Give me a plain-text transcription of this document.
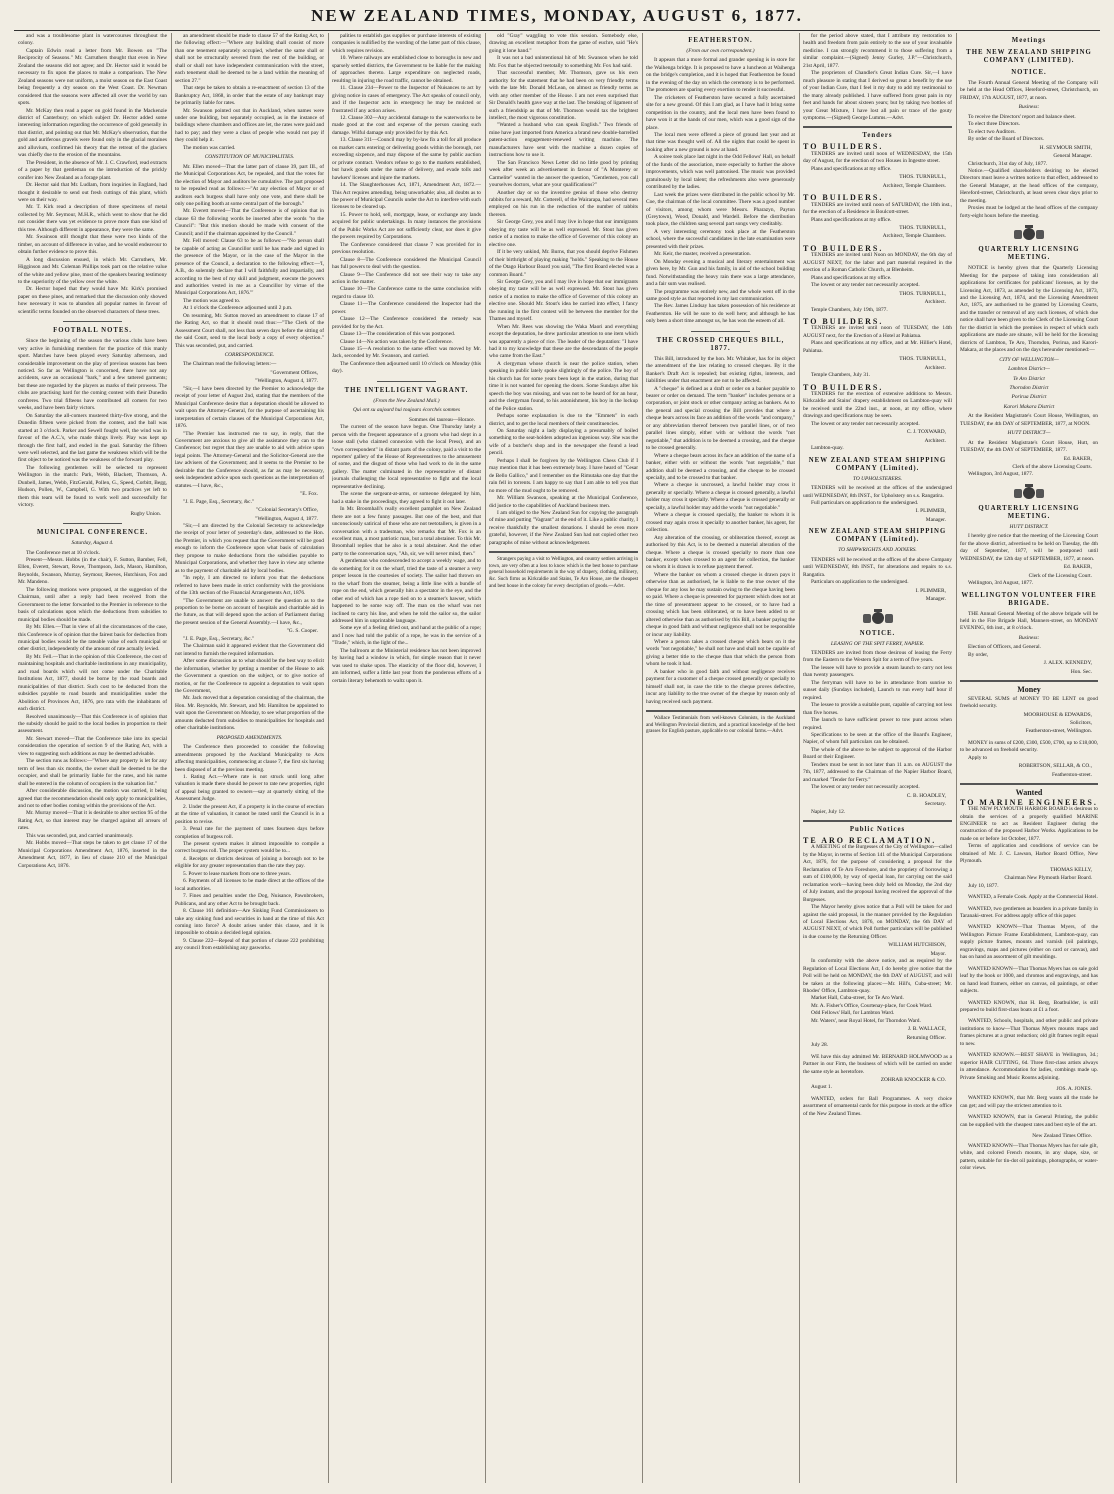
NEW ZEALAND TIMES, MONDAY, AUGUST 6, 1877.

and was a troublesome plant in watercourses throughout the colony.

Captain Edwin read a letter from Mr. Bowen on "The Reciprocity of Seasons." Mr. Carruthers thought that even in New Zealand the seasons did not agree; and Dr. Hector said it would be necessary to fix upon the places to make a comparison. The New Zealand seasons were not uniform, a moist season on the East Coast being frequently a dry season on the West Coast. Dr. Newman considered that the seasons were affected all over the world by sun spots.

Mr. McKay then read a paper on gold found in the Mackenzie district of Canterbury; on which subject Dr. Hector added some interesting information regarding the occurrence of gold generally in that district, and pointing out that Mr. McKay's observation, that the gold and auriferous gravels were found only in the glacial moraines and alluvium, confirmed his theory that the retreat of the glaciers was chiefly due to the erosion of the mountains.

The President, in the absence of Mr. J. C. Crawford, read extracts of a paper by that gentleman on the introduction of the prickly conifer into New Zealand as a forage plant.

Dr. Hector said that Mr. Ludlam, from inquiries in England, had thought it desirable to send out fresh cuttings of this plant, which were on their way.

Mr. T. Kirk read a description of three specimens of metal collected by Mr. Seymour, M.H.R., which went to show that he did not consider there was yet evidence to prove more than one kind of this tree. Although different in appearance, they were the same.

Mr. Swainson still thought that these were two kinds of the timber, on account of difference in value, and he would endeavour to obtain further evidence to prove this.

A long discussion ensued, in which Mr. Carruthers, Mr. Higginson and Mr. Coleman Phillips took part on the relative value of the white and yellow pine, most of the speakers bearing testimony to the superiority of the yellow over the white.

Dr. Hector hoped that they would have Mr. Kirk's promised paper on these pines, and remarked that the discussion only showed how necessary it was to abandon all popular names in favour of scientific terms founded on the observed characters of these trees.

FOOTBALL NOTES.

Since the beginning of the season the various clubs have been very active in furnishing members for the practice of this manly sport. Matches have been played every Saturday afternoon, and considerable improvement on the play of previous seasons has been noticed. So far as Wellington is concerned, there have not any accidents, save an occasional "bark," and a few tattered garments; but these are regarded by the players as marks of their prowess. The clubs are practising hard for the coming contest with their Dunedin confreres. Two trial fifteens have contributed all comers for two weeks, and have been fairly victors.

On Saturday the all-comers mustered thirty-five strong, and the Dunedin fifteen were picked from the contest, and the ball was started at 3 o'clock. Parker and Sewell fought well, the wind was in favour of the A.C.'s, who made things lively. Play was kept up through the first half, and ended in the goal. Saturday the fifteen were well selected, and the last game the weakness which will be the first object to be noticed was the weakness of the forward play.

The following gentlemen will be selected to represent Wellington in the match: Park, Webb, Blackett, Thomson, A. Dunbell, James, Webb, FitzGerald, Pollen, G., Speed, Corbitt, Begg, Hudson, Pollen, W., Campbell, G. With two practices yet left to them this team will be found to work well and successfully for victory.

Rugby Union.
MUNICIPAL CONFERENCE.
Saturday, August 4.

The Conference met at 10 o'clock.

Present—Messrs. Hobbs (in the chair), F. Sutton, Bamber, Fell, Ellen, Everett, Stewart, Rowe, Thompson, Jack, Mason, Hamilton, Reynolds, Swanson, Murray, Seymour, Reeves, Hutchison, Fox and Mr. Mandeno.

The following motions were proposed, at the suggestion of the Chairman, until after a reply had been received from the Government to the letter forwarded to the Premier in reference to the basis of calculations upon which the deductions from subsidies to municipal bodies should be made.

By Mr. Ellen.—That in view of all the circumstances of the case, this Conference is of opinion that the fairest basis for deduction from municipal bodies would be the rateable value of each municipal or other district, independently of the amount of rate actually levied.

By Mr. Fell.—That in the opinion of this Conference, the cost of maintaining hospitals and charitable institutions in any municipality, and road boards which will not come under the Charitable Institutions Act, 1877, should be borne by the road boards and municipalities of that district. Such cost to be deducted from the subsidies payable to road boards and municipalities under the Abolition of Provinces Act, 1876, pro rata with the inhabitants of each district.

Resolved unanimously—That this Conference is of opinion that the subsidy should be paid to the local bodies in proportion to their assessment.

Mr. Stewart moved—That the Conference take into its special consideration the operation of section 9 of the Rating Act, with a view to suggesting such additions as may be deemed advisable.

The section runs as follows:—"Where any property is let for any term of less than six months, the owner shall be deemed to be the occupier, and shall be primarily liable for the rates, and his name shall be entered in the column of occupiers in the valuation list."

After considerable discussion, the motion was carried, it being agreed that the recommendation should only apply to municipalities, and not to other bodies coming within the provisions of the Act.

Mr. Murray moved—That it is desirable to alter section 95 of the Rating Act, so that interest may be charged against all arrears of rates.

This was seconded, put, and carried unanimously.

Mr. Hobbs moved—That steps be taken to get clause 17 of the Municipal Corporations Amendment Act, 1876, inserted in the Amendment Act, 1877, in lieu of clause 210 of the Municipal Corporations Act, 1876.

an amendment should be made to clause 57 of the Rating Act, to the following effect:—"Where any building shall consist of more than one tenement separately occupied, whether the same shall or shall not be structurally severed from the rest of the building, or shall or shall not have independent communication with the street, each tenement shall be deemed to be a land within the meaning of section 27."

That steps be taken to obtain a re-enactment of section 13 of the Bankruptcy Act, 1868, in order that the estate of any bankrupt may be primarily liable for rates.

Mr. Swanson pointed out that in Auckland, when names were under one building, but separately occupied, as in the instance of buildings where chambers and offices are let, the rates were paid and had to pay; and they were a class of people who would not pay if they could help it.

The motion was carried.

CONSTITUTION OF MUNICIPALITIES.

Mr. Ellen moved—That the latter part of clause 39, part III., of the Municipal Corporations Act, be repealed, and that the votes for the election of Mayor and auditors be cumulative. The part proposed to be repealed read as follows:—"At any election of Mayor or of auditors each burgess shall have only one vote, and there shall be only one polling booth at some central part of the borough."

Mr. Everett moved—That the Conference is of opinion that in clause 63 the following words be inserted after the words "to the Council": "But this motion should be made with consent of the Council; and if the chairman appointed by the Council."

Mr. Fell moved: Clause 63 to be as follows:—"No person shall be capable of acting as Councillor until he has made and signed in the presence of the Mayor, or in the case of the Mayor in the presence of the Council, a declaration to the following effect:—'I, A.B., do solemnly declare that I will faithfully and impartially, and according to the best of my skill and judgment, execute the powers and authorities vested in me as a Councillor by virtue of the Municipal Corporations Act, 1876.'"

The motion was agreed to.

At 1 o'clock the Conference adjourned until 2 p.m.

On resuming, Mr. Sutton moved an amendment to clause 17 of the Rating Act, so that it should read thus:—"The Clerk of the Assessment Court shall, not less than seven days before the sitting of the said Court, send to the local body a copy of every objection." This was seconded, put, and carried.

CORRESPONDENCE.

The Chairman read the following letters:—

"Government Offices,
"Wellington, August 4, 1877.

"Sir,—I have been directed by the Premier to acknowledge the receipt of your letter of August 2nd, stating that the members of the Municipal Conference desire that a deputation should be allowed to wait upon the Attorney-General, for the purpose of ascertaining his interpretation of certain clauses of the Municipal Corporations Act, 1876.

"The Premier has instructed me to say, in reply, that the Government are anxious to give all the assistance they can to the Conference; but regret that they are unable to aid with advice upon legal points. The Attorney-General and the Solicitor-General are the law advisers of the Government; and it seems to the Premier to be desirable that the Conference should, as far as may be necessary, seek independent advice upon such questions as the interpretation of statutes.—I have, &c.,

"E. Fox.

"J. E. Page, Esq., Secretary, &c."

"Colonial Secretary's Office,
"Wellington, August 4, 1877.

"Sir,—I am directed by the Colonial Secretary to acknowledge the receipt of your letter of yesterday's date, addressed to the Hon. the Premier, in which you request that the Government will be good enough to inform the Conference upon what basis of calculation they propose to make deductions from the subsidies payable to Municipal Corporations, and whether they have in view any scheme as to the payment of charitable aid by local bodies.

"In reply, I am directed to inform you that the deductions referred to have been made in strict conformity with the provisions of the 13th section of the Financial Arrangements Act, 1876.

"The Government are unable to answer the question as to the proportion to be borne on account of hospitals and charitable aid in the future, as that will depend upon the action of Parliament during the present session of the General Assembly.—I have, &c.,

"G. S. Cooper.

"J. E. Page, Esq., Secretary, &c."

The Chairman said it appeared evident that the Government did not intend to furnish the required information.

After some discussion as to what should be the best way to elicit the information, whether by getting a member of the House to ask the Government a question on the subject, or to give notice of motion, or for the Conference to appoint a deputation to wait upon the Government,

Mr. Jack moved that a deputation consisting of the chairman, the Hon. Mr. Reynolds, Mr. Stewart, and Mr. Hamilton be appointed to wait upon the Government on Monday, to see what proportion of the amounts deducted from subsidies to municipalities for hospitals and other charitable institutions.

PROPOSED AMENDMENTS.

The Conference then proceeded to consider the following amendments proposed by the Auckland Municipality to Acts affecting municipalities, commencing at clause 7, the first six having been disposed of at the previous meeting.

1. Rating Act.—Where rate is not struck until long after valuation is made there should be power to rate new properties, right of appeal being granted to owners—say at quarterly sitting of the Assessment Judge.

2. Under the present Act, if a property is in the course of erection at the time of valuation, it cannot be rated until the Council is in a position to revise.

3. Penal rate for the payment of rates fourteen days before completion of burgess roll.

The present system makes it almost impossible to compile a correct burgess roll. The proper system would be to...

4. Receipts or districts desirous of joining a borough not to be eligible for any greater representation than the rate they pay.

5. Power to lease markets from one to three years.

6. Payments of all licenses to be made direct at the offices of the local authorities.

7. Fines and penalties under the Dog, Nuisance, Pawnbrokers, Publicans, and any other Act to be brought back.

8. Clause 161 definition—Are Sinking Fund Commissioners to take any sinking fund and securities in hand at the time of this Act coming into force? A doubt arises under this clause, and it is impossible to obtain a decided legal opinion.

9. Clause 222—Repeal of that portion of clause 222 prohibiting any council from establishing any gasworks.

palities to establish gas supplies or purchase interests of existing companies is nullified by the wording of the latter part of this clause, which requires revision.

10. Where railways are established close to boroughs in new and sparsely settled districts, the Government to be liable for the making of approaches thereto. Large expenditure on neglected roads, resulting in injuring the road traffic, cannot be obtained.

11. Clause 234—Power to the Inspector of Nuisances to act by giving notice in cases of emergency. The Act speaks of council only, and if the Inspector acts in emergency he may be mulcted or frustrated if any action arises.

12. Clause 302—Any accidental damage to the waterworks to be made good at the cost and expense of the person causing such damage. Wilful damage only provided for by this Act.

13. Clause 311—Council may by by-law fix a toll for all produce on market carts entering or delivering goods within the borough, not exceeding sixpence, and may dispose of the same by public auction or private contract. Vendors refuse to go to the markets established, but hawk goods under the name of delivery, and evade tolls and hawkers' licenses and injure the markets.

14. The Slaughterhouses Act, 1871, Amendment Act, 1872.—This Act requires amending, being unworkable; also, all doubts as to the power of Municipal Councils under the Act to interfere with such licenses to be cleared up.

15. Power to hold, sell, mortgage, lease, or exchange any lands acquired for public undertakings. In many instances the provisions of the Public Works Act are not sufficiently clear, nor does it give the powers required by Corporations.

The Conference considered that clause 7 was provided for in previous resolution.

Clause 8—The Conference considered the Municipal Council has full powers to deal with the question.

Clause 9—The Conference did not see their way to take any action in the matter.

Clause 10—The Conference came to the same conclusion with regard to clause 10.

Clause 11—The Conference considered the Inspector had the power.

Clause 12—The Conference considered the remedy was provided for by the Act.

Clause 13—The consideration of this was postponed.

Clause 14—No action was taken by the Conference.

Clause 15—A resolution to the same effect was moved by Mr. Jack, seconded by Mr. Swanson, and carried.

The Conference then adjourned until 10 o'clock on Monday (this day).

THE INTELLIGENT VAGRANT.
(From the New Zealand Mail.)
Qui ont su aujourd hui toujours écorchés sommes
Sommes dei taureau—Horace.

The current of the season have begun. One Thursday lately a person with the frequent appearance of a groom who had slept in a loose stall (who claimed connexion with the local Press), and an "own correspondent" in distant parts of the colony, paid a visit to the reporters' gallery of the House of Representatives to the amusement of some, and the disgust of those who had work to do in the same gallery. The matter culminated in the representative of distant journals challenging the local representative to fight and the local representative declining.

The scene the sergeant-at-arms, or someone delegated by him, had a stake in the proceedings, they agreed to fight it out later.

In Mr. Broomhall's really excellent pamphlet on New Zealand there are not a few funny passages. But one of the best, and that unconsciously satirical of those who are not teetotallers, is given in a conversation with a tradesman, who remarks that Mr. Fox is an excellent man, a most patriotic man, but a total abstainer. To this Mr. Broomhall replies that he also is a total abstainer. And the other party to the conversation says, "Ah, sir, we will never mind, then."

A gentleman who condescended to accept a weekly wage, and to do something for it on the wharf, tried the taste of a steamer a very proper lesson in the courtesies of society. The sailor had thrown on to the wharf from the steamer, being a little line with a bundle of rope on the end, which generally hits a spectator in the eye, and the other end of which has a rope tied on to a steamer's hawser, which happened to be some way off. The man on the wharf was not inclined to carry his line, and when he told the sailor so, the sailor addressed him in unprintable language.

Some eye of a feeling dried out, and hand at the public of a rope; and I now had told the public of a rope, he was in the service of a "Trade," which, in the light of the...

The ballroom at the Ministerial residence has not been improved by having had a window in which, for simple reason that it never was used to shake upon. The elasticity of the floor did, however, I am informed, suffer a little last year from the ponderous efforts of a certain literary behemoth to waltz upon it.

old "Gray" waggling to vote this session. Somebody else, drawing an excellent metaphor from the game of euchre, said "He's going it lone hand."

It was not a bad unintentional hit of Mr. Swanson when he told Mr. Fox that he objected teetotally to something Mr. Fox had said.

That successful member, Mr. Thomson, gave us his own authority for the statement that he had been on very friendly terms with the late Mr. Donald McLean, on almost as friendly terms as with any other member of the House. I am not even surprised that Sir Donald's health gave way at the last. The breaking of ligament of such a friendship as that of Mr. Thomson would tax the brightest intellect, the most vigorous constitution.

"Wanted a husband who can speak English." Two friends of mine have just imported from America a brand new double-barrelled patent-action engagement-renewed writing machine. The manufacturers have sent with the machine a dozen copies of instructions how to use it.

The San Francisco News Letter did no little good by printing week after week an advertisement in favour of "A Monterey or Carmelite" wanted in the answer the question, "Gentlemen, you call yourselves doctors, what are your qualifications?"

Another day or so the inventive genius of those who destroy rabbits for a reward, Mr. Cotterell, of the Wairarapa, had several men employed on his run in the reduction of the number of rabbits thereon.

Sir George Grey, you and I may live in hope that our immigrants obeying my taste will be as well expressed. Mr. Stout has given notice of a motion to make the office of Governor of this colony an elective one.

If it be very unkind, Mr. Burns, that you should deprive Fishmen of their birthright of playing making "holds." Speaking to the House of the Otago Harbour Board you said, "The first Board elected was a common Board."

Sir George Grey, you and I may live in hope that our immigrants obeying my taste will be as well expressed. Mr. Stout has given notice of a motion to make the office of Governor of this colony an elective one. Should Mr. Stout's idea be carried into effect, I fancy the running in the first contest will be between the member for the Thames and myself.

When Mr. Rees was showing the Waka Maori and everything except the deputation, he drew particular attention to one item which was apparently a piece of rice. The leader of the deputation: "I have had it to my knowledge that these are the descendants of the people who came from the East."

A clergyman whose church is near the police station, when speaking in public lately spoke slightingly of the police. The boy of his church has for some years been kept in the station, during that time it is not wanted for opening the doors. Some Sundays after his speech the boy was missing, and was not to be heard of for an hour, and the clergyman found, to his astonishment, his boy in the lockup of the Police station.

Perhaps some explanation is due to the "Emmets" in each district, and to get the local members of their constituencies.

On Saturday night a lady displaying a presumably of boiled something to the seat-holders adopted an ingenious way. She was the wife of a butcher's shop and in the newspaper she found a lead pencil.

Perhaps I shall be forgiven by the Wellington Chess Club if I may mention that it has been extremely busy. I have heard of "Cesar de Bello Gallico," and I remember on the Rimutaka one day that the rain fell in torrents. I am happy to say that I am able to tell you that no more of the mud ought to be removed.

Mr. William Swanson, speaking at the Municipal Conference, did justice to the capabilities of Auckland business men.

I am obliged to the New Zealand Sun for copying the paragraph of mine and putting "Vagrant" at the end of it. Like a public charity, I receive thankfully the smallest donations. I should be even more grateful, however, if the New Zealand Sun had not copied other two paragraphs of mine without acknowledgement.

Strangers paying a visit to Wellington, and country settlers arriving in town, are very often at a loss to know which is the best house to purchase general household requirements in the way of drapery, clothing, millinery, &c. Such firms as Kirkcaldie and Stains, Te Aro House, are the cheapest and best house in the colony for every description of goods.—Advt.

FEATHERSTON.
(From our own correspondent.)

It appears that a more formal and grander opening is in store for the Waihenga bridge. It is proposed to have a luncheon at Waihenga on the bridge's completion, and it is hoped that Featherston be found in the evening of the day on which the ceremony is to be performed. The promoters are sparing every exertion to render it successful.

The cricketers of Featherston have secured a fully ascertained site for a new ground. Of this I am glad, as I have had it bring some competition in the country, and the local men have been found to have won it at the hands of our men, which was a good sign of the place.

The local men were offered a piece of ground last year and at that time was thought well of. All the nights that could be spent in looking after a new ground is now at hand.

A soiree took place last night in the Odd Fellows' Hall, on behalf of the funds of the association, more especially to further the above improvements, which was well patronised. The music was provided gratuitously by local talent; the refreshments also were generously contributed by the ladies.

Last week the prizes were distributed in the public school by Mr. Coe, the chairman of the local committee. There was a good number of visitors, among whom were Messrs. Pharazyn, Payton (Greytown), Wood, Donald, and Wardell. Before the distribution took place, the children sang several part songs very creditably.

A very interesting ceremony took place at the Featherston school, where the successful candidates in the late examination were presented with their prizes.

Mr. Keir, the master, received a presentation.

On Monday evening a musical and literary entertainment was given here, by Mr. Gun and his family, in aid of the school building fund. Notwithstanding the heavy rain there was a large attendance, and a fair sum was realised.

The programme was entirely new, and the whole went off in the same good style as that reported in my last communication.

The Rev. James Lindsay has taken possession of his residence at Featherston. He will be sure to do well here; and although he has only been a short time amongst us, he has won the esteem of all.

THE CROSSED CHEQUES BILL, 1877.

This Bill, introduced by the hon. Mr. Whitaker, has for its object the amendment of the law relating to crossed cheques. By it the Banker's Draft Act is repealed; but existing rights, interests, and liabilities under that enactment are not to be affected.

A "cheque" is defined as a draft or order on a banker payable to bearer or order on demand. The term "banker" includes persons or a corporation, or joint stock or other company acting as bankers. As to the general and special crossing the Bill provides that where a cheque bears across its face an addition of the words "and company," or any abbreviation thereof between two parallel lines, or of two parallel lines simply, either with or without the words "not negotiable," that addition is to be deemed a crossing, and the cheque to be crossed generally.

Where a cheque bears across its face an addition of the name of a banker, either with or without the words "not negotiable," that addition shall be deemed a crossing, and the cheque to be crossed specially, and to be crossed to that banker.

Where a cheque is uncrossed, a lawful holder may cross it generally or specially. Where a cheque is crossed generally, a lawful holder may cross it specially. Where a cheque is crossed generally or specially, a lawful holder may add the words "not negotiable."

Where a cheque is crossed specially, the banker to whom it is crossed may again cross it specially to another banker, his agent, for collection.

Any alteration of the crossing, or obliteration thereof, except as authorised by this Act, is to be deemed a material alteration of the cheque. Where a cheque is crossed specially to more than one banker, except when crossed to an agent for collection, the banker on whom it is drawn is to refuse payment thereof.

Where the banker on whom a crossed cheque is drawn pays it otherwise than as authorised, he is liable to the true owner of the cheque for any loss he may sustain owing to the cheque having been so paid. Where a cheque is presented for payment which does not at the time of presentment appear to be crossed, or to have had a crossing which has been obliterated, or to have been added to or altered otherwise than as authorised by this Bill, a banker paying the cheque in good faith and without negligence shall not be responsible or incur any liability.

Where a person takes a crossed cheque which bears on it the words "not negotiable," he shall not have and shall not be capable of giving a better title to the cheque than that which the person from whom he took it had.

A banker who in good faith and without negligence receives payment for a customer of a cheque crossed generally or specially to himself shall not, in case the title to the cheque proves defective, incur any liability to the true owner of the cheque by reason only of having received such payment.

Wallace Testimonials from well-known Colonists, in the Auckland and Wellington Provincial districts, and a practical knowledge of the best grasses for English pasture, applicable to our colonial farms.—Advt.

for the period above stated, that I attribute my restoration to health and freedom from pain entirely to the use of your invaluable medicine. I can strongly recommend it to those suffering from a similar complaint.—(Signed) Jenny Gurley, J.P."—Christchurch, 21st April, 1877.

The proprietors of Chandler's Great Indian Cure. Sir,—I have much pleasure in stating that I derived so great a benefit by the use of your Indian Cure, that I feel it my duty to add my testimonial to the many already published. I have suffered from great pain in my feet and hands for about sixteen years; but by taking two bottles of your Great Mixture, I have lost all pain or trace of the gouty symptoms.—(Signed) George Lumms.—Advt.

Tenders
TO BUILDERS.

TENDERS are invited until noon of WEDNESDAY, the 15th day of August, for the erection of two Houses in Ingestre street.

Plans and specifications at my office.

THOS. TURNBULL,
Architect, Temple Chambers.
TO BUILDERS.

TENDERS are invited until noon of SATURDAY, the 18th inst., for the erection of a Residence in Boulcott-street.

Plans and specifications at my office.

THOS. TURNBULL,
Architect, Temple Chambers.
TO BUILDERS.

TENDERS are invited until Noon on MONDAY, the 6th day of AUGUST NEXT, for the labor and part material required in the erection of a Roman Catholic Church, at Blenheim.

Plans and specifications at my office.

The lowest or any tender not necessarily accepted.

THOS. TURNBULL,
Architect.

Temple Chambers, July 19th, 1877.

TO BUILDERS.

TENDERS are invited until noon of TUESDAY, the 14th AUGUST next, for the Erection of a Hotel at Pahiatua.

Plans and specifications at my office, and at Mr. Hillier's Hotel, Pahiatua.

THOS. TURNBULL,
Architect.

Temple Chambers, July 31.

TO BUILDERS.

TENDERS for the erection of extensive additions to Messrs. Kirkcaldie and Stains' drapery establishment on Lambton-quay will be received until the 22nd inst., at noon, at my office, where drawings and specifications may be seen.

The lowest or any tender not necessarily accepted.

C. J. TOXWARD,
Architect.

Lambton-quay.

NEW ZEALAND STEAM SHIPPING COMPANY (Limited).
TO UPHOLSTERERS.

TENDERS will be received at the offices of the undersigned until WEDNESDAY, 8th INST., for Upholstery on s.s. Rangatira.

Full particulars on application to the undersigned.

I. PLIMMER,
Manager.
NEW ZEALAND STEAM SHIPPING COMPANY (Limited).
TO SHIPWRIGHTS AND JOINERS.

TENDERS will be received at the offices of the above Company until WEDNESDAY, 8th INST., for alterations and repairs to s.s. Rangatira.

Particulars on application to the undersigned.

I. PLIMMER,
Manager.
NOTICE.
LEASING OF THE SPIT FERRY, NAPIER.

TENDERS are invited from those desirous of leasing the Ferry from the Eastern to the Western Spit for a term of five years.

The lessee will have to provide a steam launch to carry not less than twenty passengers.

The ferryman will have to be in attendance from sunrise to sunset daily (Sundays included), Launch to run every half hour if required.

The lessee to provide a suitable punt, capable of carrying not less than five horses.

The launch to have sufficient power to tow punt across when required.

Specifications to be seen at the office of the Board's Engineer, Napier, of whom full particulars can be obtained.

The whole of the above to be subject to approval of the Harbor Board or their Engineer.

Tenders must be sent in not later than 11 a.m. on AUGUST the 7th, 1877, addressed to the Chairman of the Napier Harbor Board, and marked "Tender for Ferry."

The lowest or any tender not necessarily accepted.

C. B. HOADLEY,
Secretary.

Napier, July 12.

Public Notices
TE ARO RECLAMATION.

A MEETING of the Burgesses of the City of Wellington—called by the Mayor, in terms of Section 141 of the Municipal Corporations Act, 1876, for the purpose of considering a proposal for the Reclamation of Te Aro Foreshore, and the propriety of borrowing a sum of £100,000, by way of special loan, for carrying out the said reclamation work—having been duly held on Monday, the 2nd day of July instant, and the proposal having received the approval of the Burgesses.

The Mayor hereby gives notice that a Poll will be taken for and against the said proposal, in the manner provided by the Regulation of Local Elections Act, 1876, on MONDAY, the 6th DAY of AUGUST NEXT, of which Poll further particulars will be published in due course by the Returning Officer.

WILLIAM HUTCHISON,
Mayor.

In conformity with the above notice, and as required by the Regulation of Local Elections Act, I do hereby give notice that the Poll will be held on MONDAY, the 6th DAY of AUGUST, and will be taken at the following places:—Mr. Hill's, Cuba-street; Mr. Rhodes' Office, Lambton-quay.

Market Hall, Cuba-street, for Te Aro Ward.

Mr. A. Fisher's Office, Courtenay-place, for Cook Ward.

Odd Fellows' Hall, for Lambton Ward.

Mr. Waters', near Royal Hotel, for Thorndon Ward.

J. B. WALLACE,
Returning Officer.

July 28.

WE have this day admitted Mr. BERNARD HOLMWOOD as a Partner in our Firm, the business of which will be carried on under the same style as heretofore.

ZOHRAB KNOCKER & CO.

August 1.

WANTED, orders for Ball Programmes. A very choice assortment of ornamental cards for this purpose in stock at the office of the New Zealand Times.

Meetings
THE NEW ZEALAND SHIPPING COMPANY (LIMITED).
NOTICE.

The Fourth Annual General Meeting of the Company will be held at the Head Offices, Hereford-street, Christchurch, on FRIDAY, 17th AUGUST, 1877, at noon.

Business:

To receive the Directors' report and balance sheet.

To elect three Directors.

To elect two Auditors.

By order of the Board of Directors.

H. SEYMOUR SMITH,
General Manager.

Christchurch, 31st day of July, 1877.

Notice.—Qualified shareholders desiring to be elected Directors must leave a written notice to that effect, addressed to the General Manager, at the head offices of the company, Hereford-street, Christchurch, at least seven clear days prior to the meeting.

Proxies must be lodged at the head offices of the company forty-eight hours before the meeting.

QUARTERLY LICENSING MEETING.

NOTICE is hereby given that the Quarterly Licensing Meeting for the purpose of taking into consideration all applications for certificates for publicans' licenses, as by the Licensing Act, 1873, as amended by the Licensing Act, 1873, and the Licensing Act, 1874, and the Licensing Amendment Act, 1875, are authorised to be granted by Licensing Courts, and the transfer or removal of any such licenses, of which due notice shall have been given to the Clerk of the Licensing Court for the district in which the premises in respect of which such applications are made are situate, will be held for the licensing districts of Lambton, Te Aro, Thorndon, Porirua, and Karori-Makara, at the places and on the days hereunder mentioned:—

CITY OF WELLINGTON—
Lambton District—
Te Aro District
Thorndon District
Porirua District
Karori Makara District

At the Resident Magistrate's Court House, Wellington, on TUESDAY, the 4th DAY of SEPTEMBER, 1877, at NOON.

HUTT DISTRICT—

At the Resident Magistrate's Court House, Hutt, on TUESDAY, the 4th DAY of SEPTEMBER, 1877.

Ed. BAKER,
Clerk of the above Licensing Courts.

Wellington, 3rd August, 1877.

QUARTERLY LICENSING MEETING.
HUTT DISTRICT.

I hereby give notice that the meeting of the Licensing Court for the above district, advertised to be held on Tuesday, the 4th day of September, 1877, will be postponed until WEDNESDAY, the 12th day of SEPTEMBER, 1877, at noon.

Ed. BAKER,
Clerk of the Licensing Court.

Wellington, 3rd August, 1877.

WELLINGTON VOLUNTEER FIRE BRIGADE.

THE Annual General Meeting of the above brigade will be held in the Fire Brigade Hall, Manners-street, on MONDAY EVENING, 6th inst., at 8 o'clock.

Business:

Election of Officers, and General.

By order,

J. ALEX. KENNEDY,
Hon. Sec.
Money

SEVERAL SUMS of MONEY TO BE LENT on good freehold security.

MOORHOUSE & EDWARDS,
Solicitors,
Featherston-street, Wellington.

MONEY in sums of £200, £300, £500, £700, up to £18,000, to be advanced on freehold security.

Apply to

ROBERTSON, SELLAR, & CO.,
Featherston-street.
Wanted
TO MARINE ENGINEERS.

THE NEW PLYMOUTH HARBOR BOARD is desirous to obtain the services of a properly qualified MARINE ENGINEER to act as Resident Engineer during the construction of the proposed Harbor Works. Applications to be made on or before 1st October, 1877.

Terms of application and conditions of service can be obtained of Mr. J. C. Lawson, Harbor Board Office, New Plymouth.

THOMAS KELLY,
Chairman New Plymouth Harbor Board.

July 10, 1877.

WANTED, a Female Cook. Apply at the Commercial Hotel.

WANTED, two gentlemen as boarders in a private family in Taranaki-street. For address apply office of this paper.

WANTED KNOWN—That Thomas Myers, of the Wellington Picture Frame Establishment, Lambton-quay, can supply picture frames, mounts and varnish (oil paintings, engravings, maps and pictures (either on card or canvas), and has on hand an assortment of gilt mouldings.

WANTED KNOWN—That Thomas Myers has on sale gold leaf by the book or 1000, and chromos and engravings, and has on hand lead framers, either on canvas, oil paintings, or other subjects.

WANTED KNOWN, that H. Berg, Boatbuilder, is still prepared to build first-class boats at £1 a foot.

WANTED, Schools, hospitals, and other public and private institutions to know—That Thomas Myers mounts maps and frames pictures at a great reduction; old gilt frames regilt equal to new.

WANTED KNOWN.—BEST SHAVE in Wellington, 3d.; superior HAIR CUTTING, 6d. Three first-class artists always in attendance. Accommodation for ladies, combings made up. Private Smoking and Music Rooms adjoining.

JOS. A. JONES.

WANTED KNOWN, that Mr. Berg wants all the trade he can get; and will pay the strictest attention to it.

WANTED KNOWN, that in General Printing, the public can be supplied with the cheapest rates and best style of the art.

New Zealand Times Office.

WANTED KNOWN—That Thomas Myers has for sale gilt, white, and colored French mounts, in any shape, size, or pattern, suitable for tin-dot oil paintings, photographs, or water-color views.
